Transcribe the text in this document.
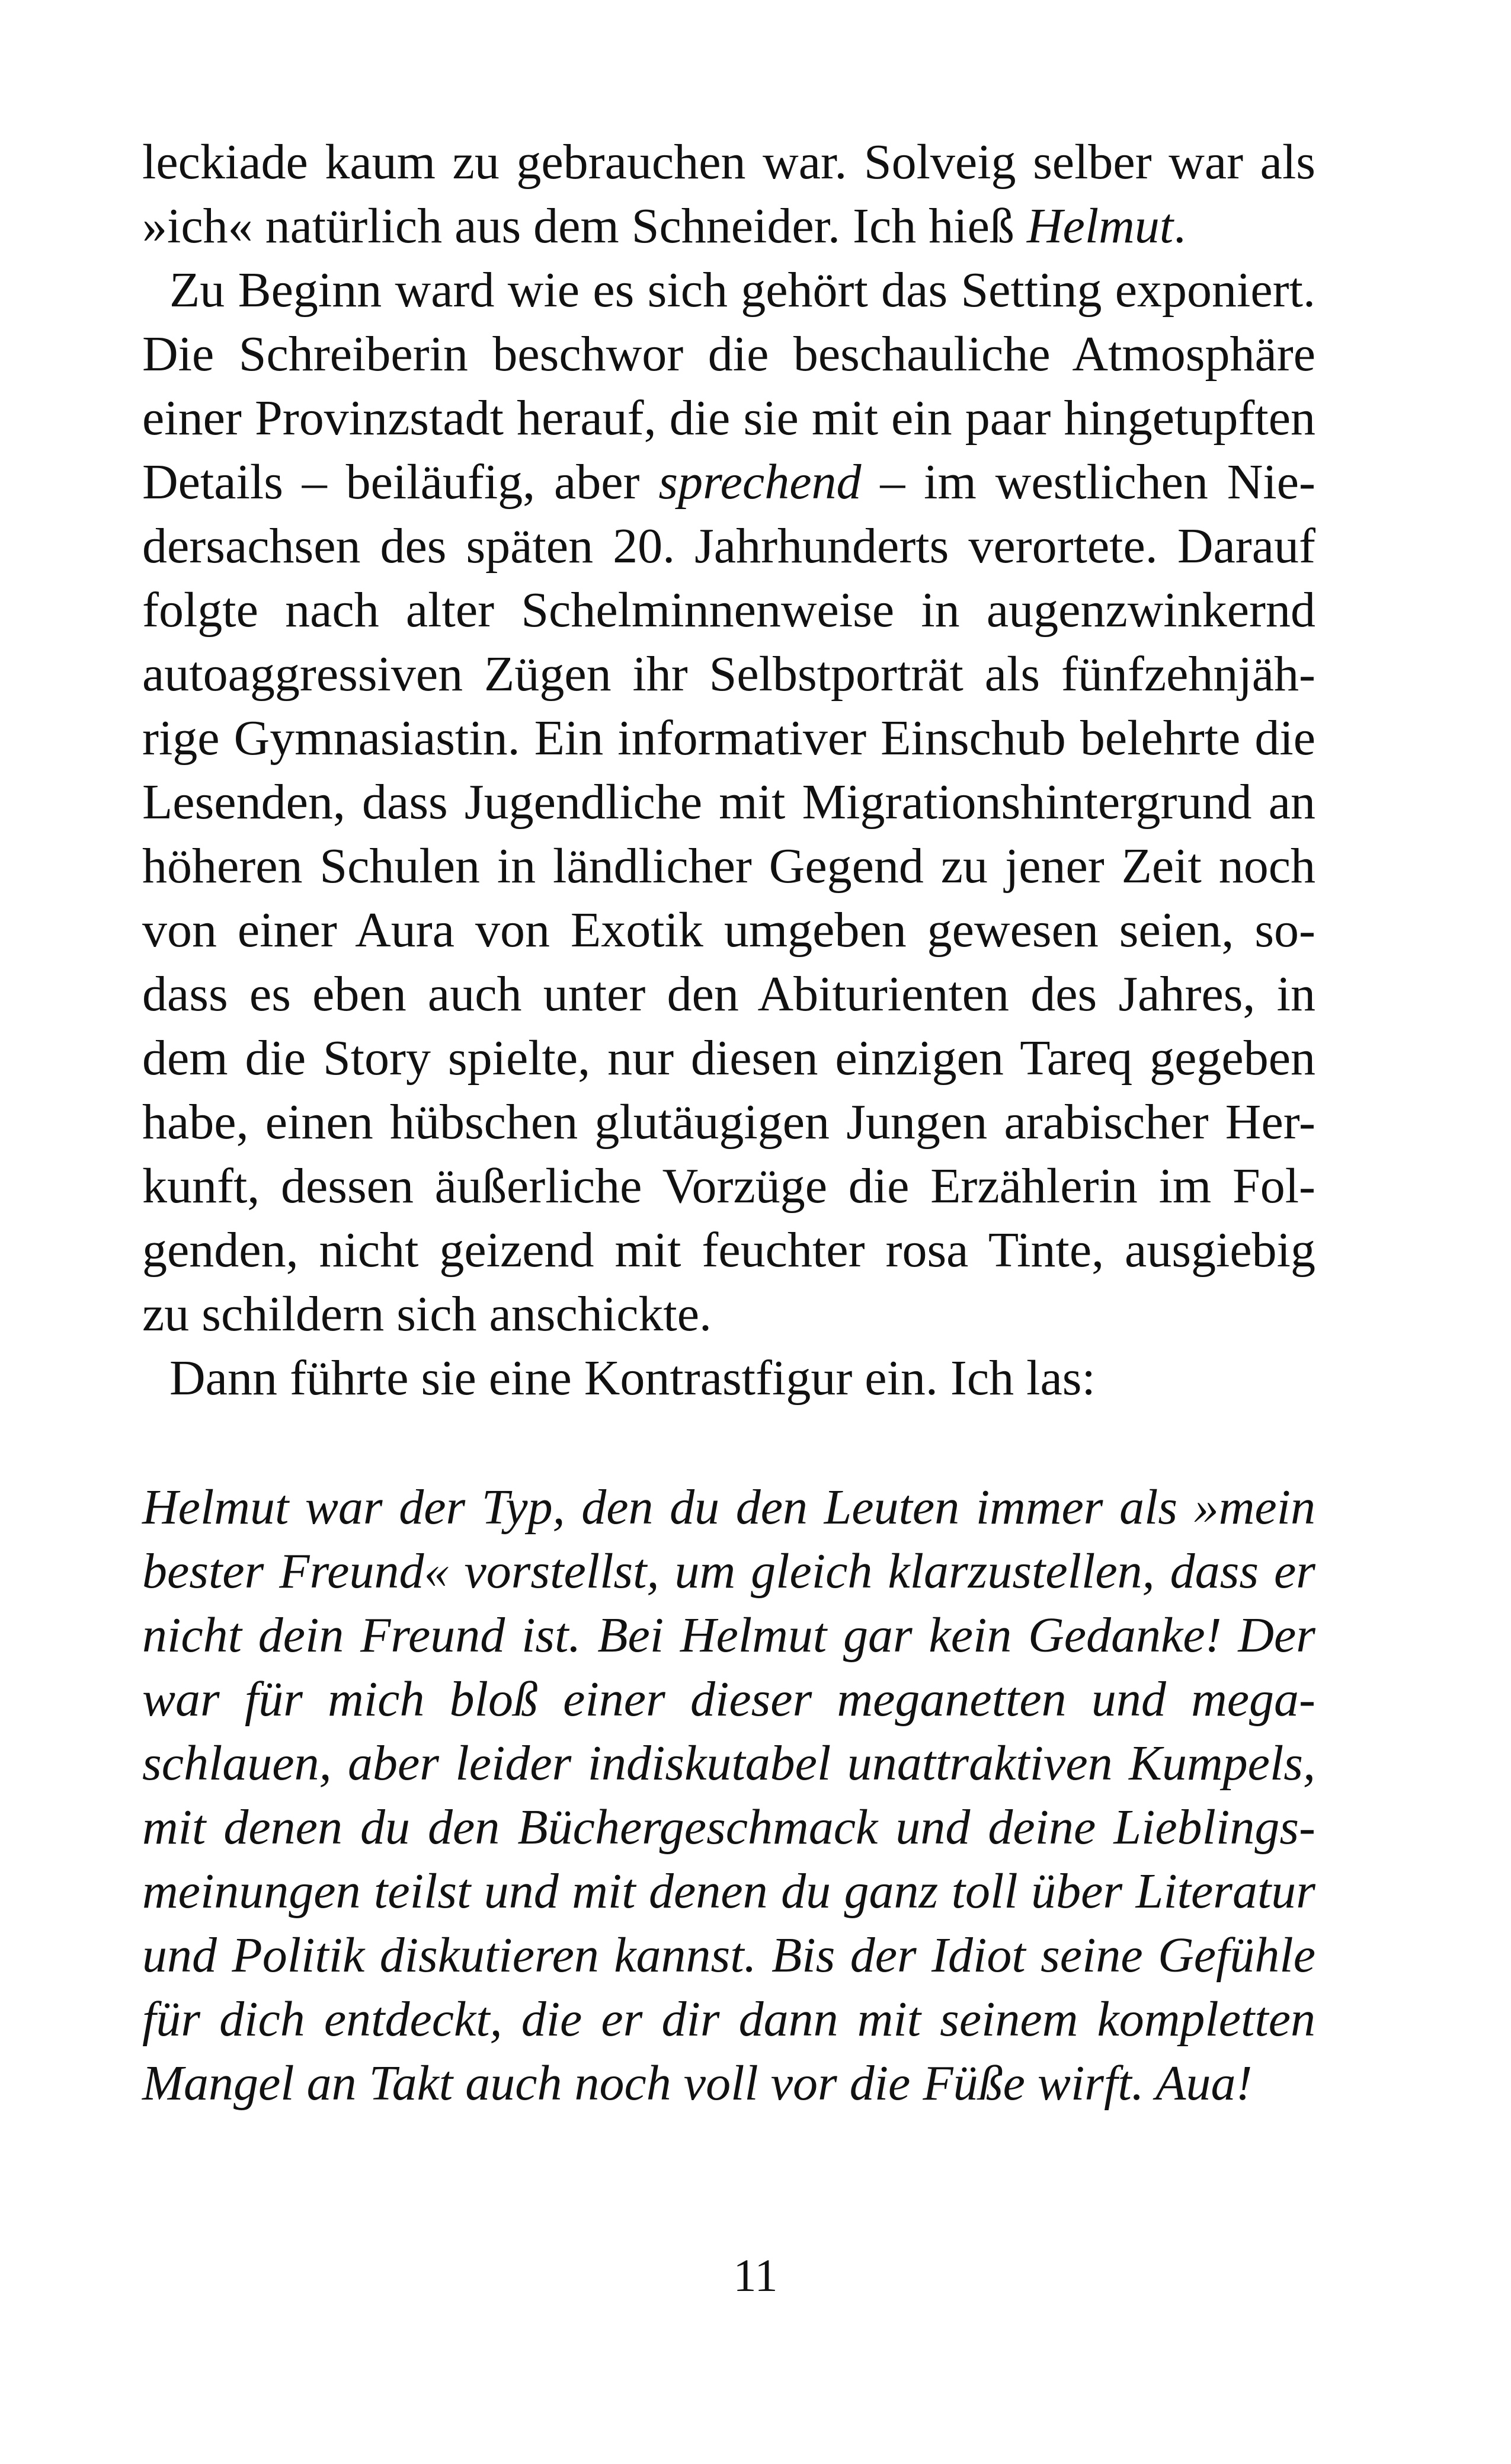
leckiade kaum zu gebrauchen war. Solveig selber war als
»ich« natürlich aus dem Schneider. Ich hieß Helmut.
Zu Beginn ward wie es sich gehört das Setting exponiert.
Die Schreiberin beschwor die beschauliche Atmosphäre
einer Provinzstadt herauf, die sie mit ein paar hingetupften
Details – beiläufig, aber sprechend – im westlichen Nie-
dersachsen des späten 20. Jahrhunderts verortete. Darauf
folgte nach alter Schelminnenweise in augenzwinkernd
autoaggressiven Zügen ihr Selbstporträt als fünfzehnjäh-
rige Gymnasiastin. Ein informativer Einschub belehrte die
Lesenden, dass Jugendliche mit Migrationshintergrund an
höheren Schulen in ländlicher Gegend zu jener Zeit noch
von einer Aura von Exotik umgeben gewesen seien, so-
dass es eben auch unter den Abiturienten des Jahres, in
dem die Story spielte, nur diesen einzigen Tareq gegeben
habe, einen hübschen glutäugigen Jungen arabischer Her-
kunft, dessen äußerliche Vorzüge die Erzählerin im Fol-
genden, nicht geizend mit feuchter rosa Tinte, ausgiebig
zu schildern sich anschickte.
Dann führte sie eine Kontrastfigur ein. Ich las:
Helmut war der Typ, den du den Leuten immer als »mein
bester Freund« vorstellst, um gleich klarzustellen, dass er
nicht dein Freund ist. Bei Helmut gar kein Gedanke! Der
war für mich bloß einer dieser meganetten und mega-
schlauen, aber leider indiskutabel unattraktiven Kumpels,
mit denen du den Büchergeschmack und deine Lieblings-
meinungen teilst und mit denen du ganz toll über Literatur
und Politik diskutieren kannst. Bis der Idiot seine Gefühle
für dich entdeckt, die er dir dann mit seinem kompletten
Mangel an Takt auch noch voll vor die Füße wirft. Aua!
11
